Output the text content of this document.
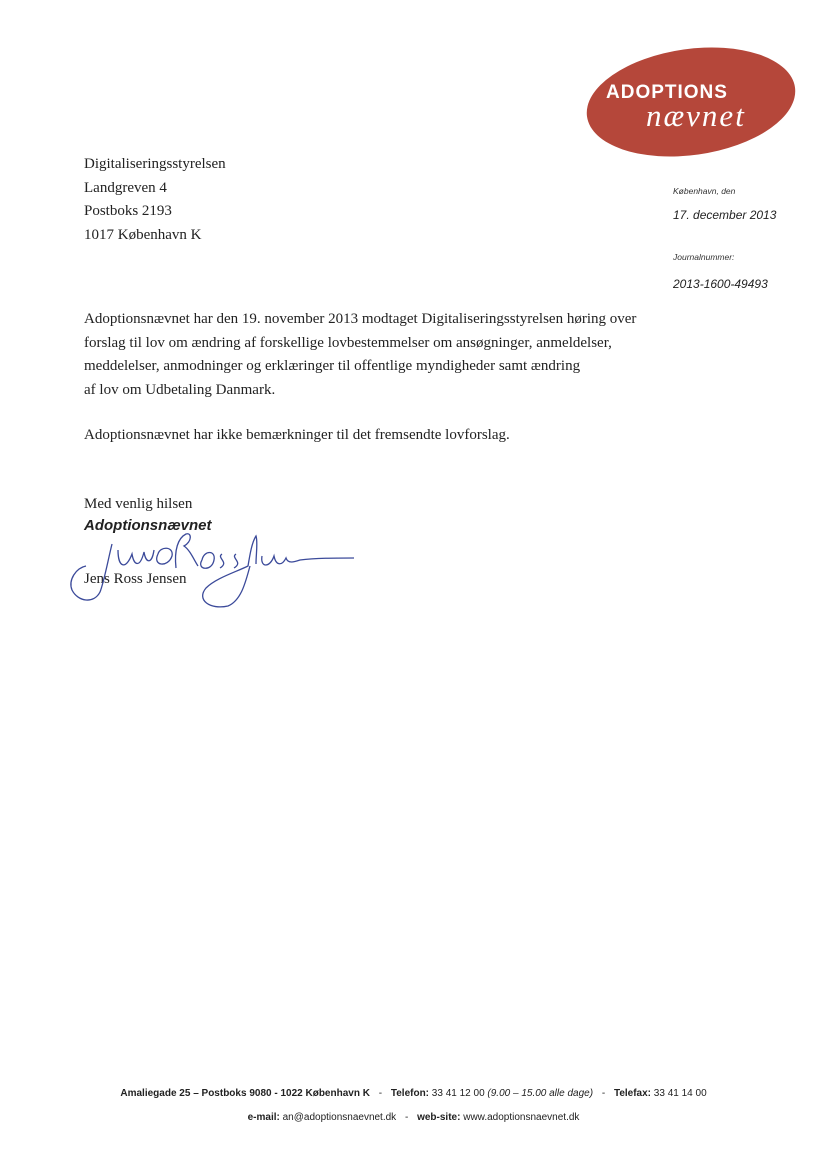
ADOPTIONS
nævnet
Digitaliseringsstyrelsen
Landgreven 4
Postboks 2193
1017 København K
København, den
17. december 2013
Journalnummer:
2013-1600-49493

Adoptionsnævnet har den 19. november 2013 modtaget Digitaliseringsstyrelsen høring over
forslag til lov om ændring af forskellige lovbestemmelser om ansøgninger, anmeldelser,
meddelelser, anmodninger og erklæringer til offentlige myndigheder samt ændring
af lov om Udbetaling Danmark.

Adoptionsnævnet har ikke bemærkninger til det fremsendte lovforslag.

Med venlig hilsen
Adoptionsnævnet
Jens Ross Jensen
Amaliegade 25 – Postboks 9080 - 1022 København K - Telefon: 33 41 12 00 (9.00 – 15.00 alle dage) - Telefax: 33 41 14 00
e-mail: an@adoptionsnaevnet.dk - web-site: www.adoptionsnaevnet.dk
